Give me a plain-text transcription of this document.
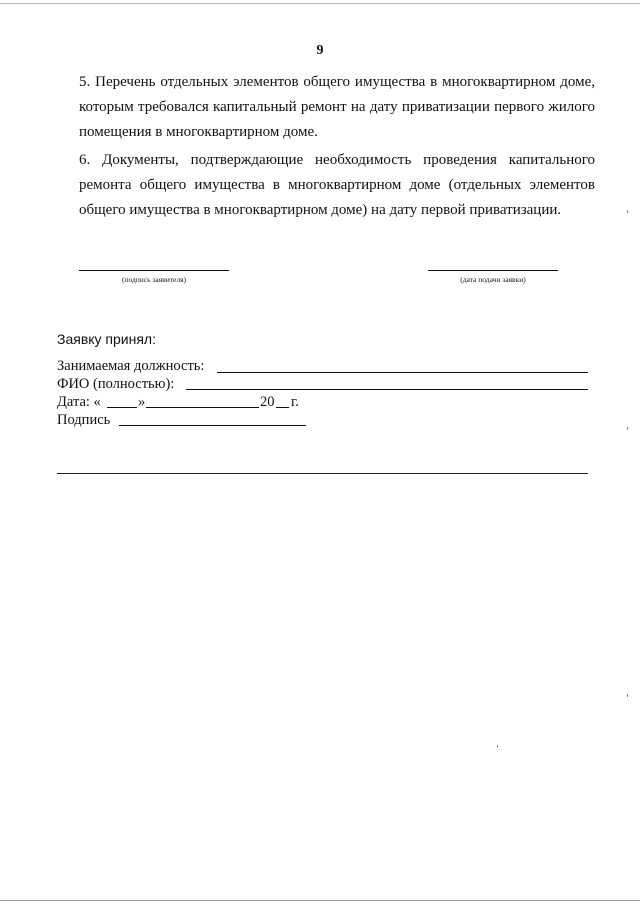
9
5. Перечень отдельных элементов общего имущества в многоквартирном доме,
которым требовался капитальный ремонт на дату приватизации первого жилого
помещения в многоквартирном доме.
6. Документы, подтверждающие необходимость проведения капитального
ремонта общего имущества в многоквартирном доме (отдельных элементов
общего имущества в многоквартирном доме) на дату первой приватизации.
(подпись заявителя)	(дата подачи заявки)
Заявку принял:
Занимаемая должность:
ФИО (полностью):
Дата: «	»	20 г.
Подпись
